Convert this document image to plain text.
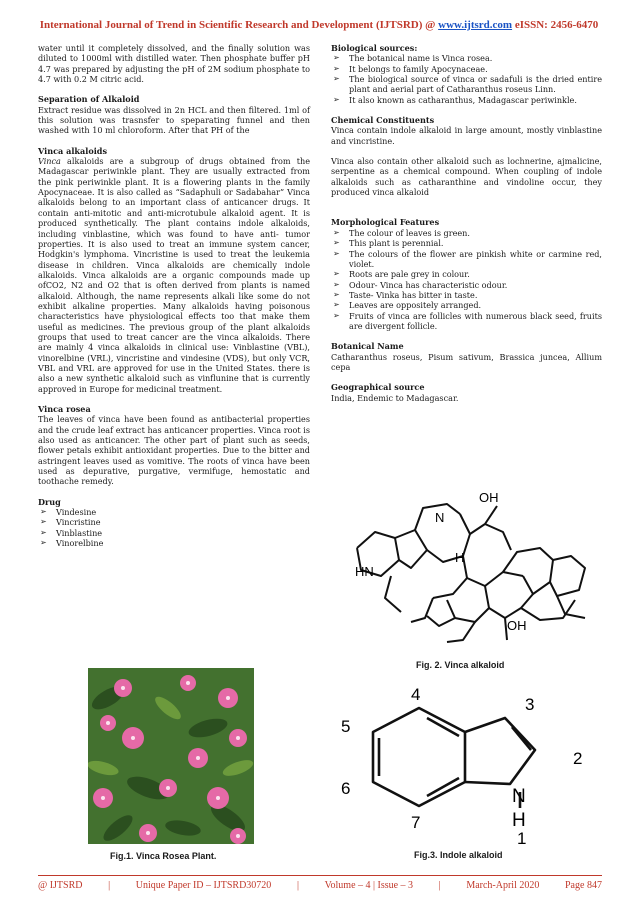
International Journal of Trend in Scientific Research and Development (IJTSRD) @ www.ijtsrd.com eISSN: 2456-6470

water until it completely dissolved, and the finally solution was diluted to 1000ml with distilled water. Then phosphate buffer pH 4.7 was prepared by adjusting the pH of 2M sodium phosphate to 4.7 with 0.2 M citric acid.

Separation of Alkaloid

Extract residue was dissolved in 2n HCL and then filtered. 1ml of this solution was trasnsfer to speparating funnel and then washed with 10 ml chloroform. After that PH of the

Vinca alkaloids

Vinca alkaloids are a subgroup of drugs obtained from the Madagascar periwinkle plant. They are usually extracted from the pink periwinkle plant. It is a flowering plants in the family Apocynaceae. It is also called as “Sadaphuli or Sadabahar” Vinca alkaloids belong to an important class of anticancer drugs. It contain anti-mitotic and anti-microtubule alkaloid agent. It is produced synthetically. The plant contains indole alkaloids, including vinblastine, which was found to have anti- tumor properties. It is also used to treat an immune system cancer, Hodgkin's lymphoma. Vincristine is used to treat the leukemia disease in children. Vinca alkaloids are chemically indole alkaloids. Vinca alkaloids are a organic compounds made up ofCO2, N2 and O2 that is often derived from plants is named alkaloid. Although, the name represents alkali like some do not exhibit alkaline properties. Many alkaloids having poisonous characteristics have physiological effects too that make them useful as medicines. The previous group of the plant alkaloids groups that used to treat cancer are the vinca alkaloids. There are mainly 4 vinca alkaloids in clinical use: Vinblastine (VBL), vinorelbine (VRL), vincristine and vindesine (VDS), but only VCR, VBL and VRL are approved for use in the United States. there is also a new synthetic alkaloid such as vinflunine that is currently approved in Europe for medicinal treatment.

Vinca rosea

The leaves of vinca have been found as antibacterial properties and the crude leaf extract has anticancer properties. Vinca root is also used as anticancer. The other part of plant such as seeds, flower petals exhibit antioxidant properties. Due to the bitter and astringent leaves used as vomitive. The roots of vinca have been used as depurative, purgative, vermifuge, hemostatic and toothache remedy.

Drug

➢ Vindesine
➢ Vincristine
➢ Vinblastine
➢ Vinorelbine
Fig.1. Vinca Rosea Plant.

Biological sources:

➢ The botanical name is Vinca rosea.
➢ It belongs to family Apocynaceae.
➢ The biological source of vinca or sadafuli is the dried entire plant and aerial part of Catharanthus roseus Linn.
➢ It also known as catharanthus, Madagascar periwinkle.

Chemical Constituents

Vinca contain indole alkaloid in large amount, mostly vinblastine and vincristine.

Vinca also contain other alkaloid such as lochnerine, ajmalicine, serpentine as a chemical compound. When coupling of indole alkaloids such as catharanthine and vindoline occur, they produced vinca alkaloid

Morphological Features

➢ The colour of leaves is green.
➢ This plant is perennial.
➢ The colours of the flower are pinkish white or carmine red, violet.
➢ Roots are pale grey in colour.
➢ Odour- Vinca has characteristic odour.
➢ Taste- Vinka has bitter in taste.
➢ Leaves are oppositely arranged.
➢ Fruits of vinca are follicles with numerous black seed, fruits are divergent follicle.

Botanical Name

Catharanthus roseus, Pisum sativum, Brassica juncea, Allium cepa

Geographical source

India, Endemic to Madagascar.

OH
N
HN
H
OH
Fig. 2. Vinca alkaloid
4
3
5
2
6	N
7	H
1
Fig.3. Indole alkaloid
@ IJTSRD	|	Unique Paper ID – IJTSRD30720	|	Volume – 4 | Issue – 3	|	March-April 2020	Page 847
